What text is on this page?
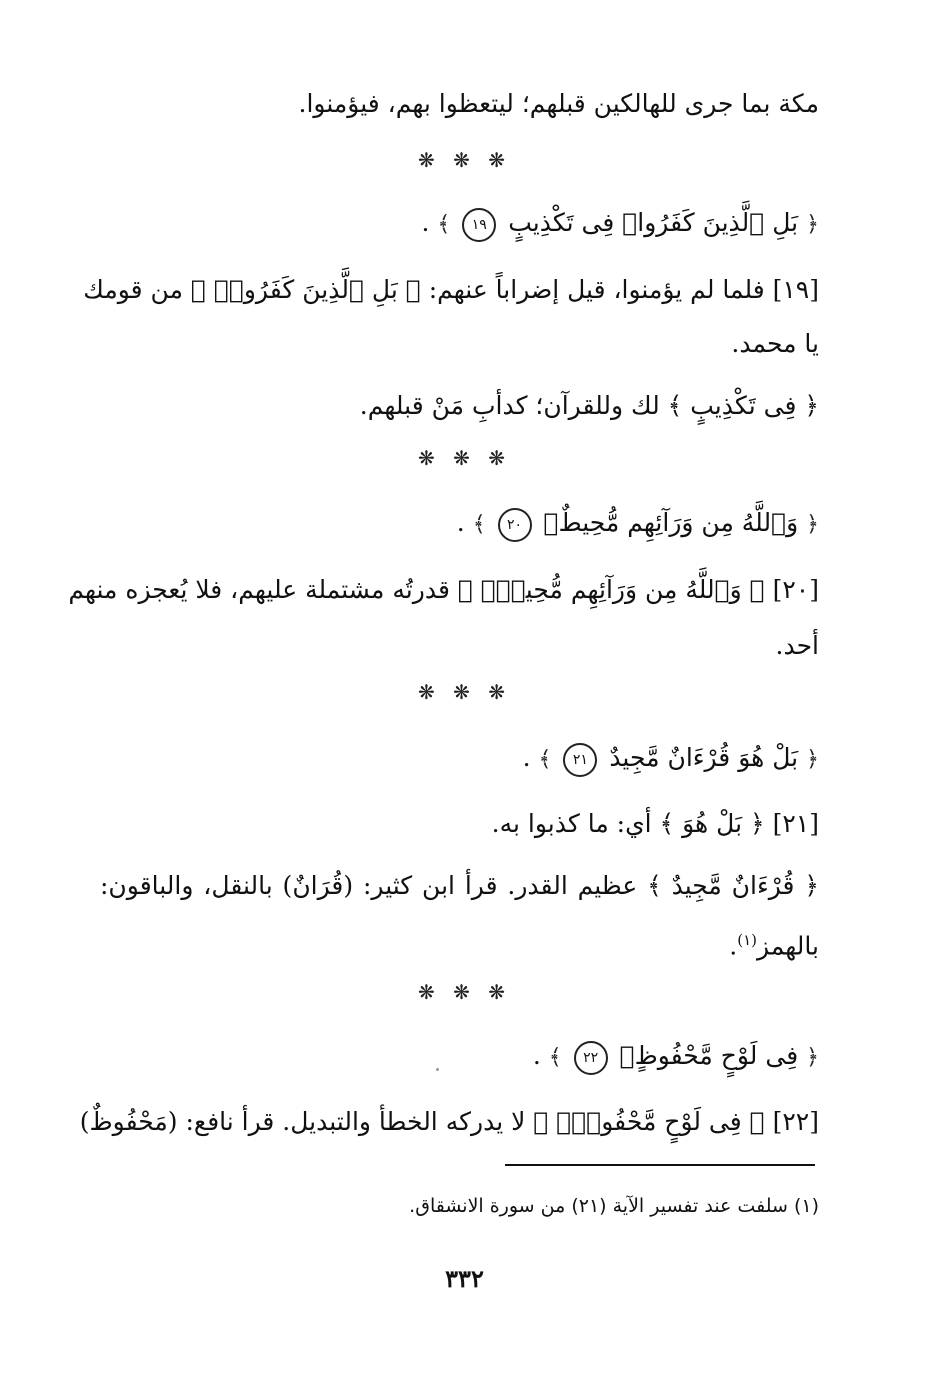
مكة بما جرى للهالكين قبلهم؛ ليتعظوا بهم، فيؤمنوا.
❋ ❋ ❋
﴿ بَلِ ٱلَّذِينَ كَفَرُوا۟ فِى تَكْذِيبٍ ١٩ ﴾ .
[١٩] فلما لم يؤمنوا، قيل إضراباً عنهم: ﴿ بَلِ ٱلَّذِينَ كَفَرُوا۟ ﴾ من قومك
يا محمد.
﴿ فِى تَكْذِيبٍ ﴾ لك وللقرآن؛ كدأبِ مَنْ قبلهم.
❋ ❋ ❋
﴿ وَٱللَّهُ مِن وَرَآئِهِم مُّحِيطٌۢ ٢٠ ﴾ .
[٢٠] ﴿ وَٱللَّهُ مِن وَرَآئِهِم مُّحِيطٌۢ ﴾ قدرتُه مشتملة عليهم، فلا يُعجزه منهم
أحد.
❋ ❋ ❋
﴿ بَلْ هُوَ قُرْءَانٌ مَّجِيدٌ ٢١ ﴾ .
[٢١] ﴿ بَلْ هُوَ ﴾ أي: ما كذبوا به.
﴿ قُرْءَانٌ مَّجِيدٌ ﴾ عظيم القدر. قرأ ابن كثير: (قُرَانٌ) بالنقل، والباقون:
بالهمز$^{(١)}$.
❋ ❋ ❋
﴿ فِى لَوْحٍ مَّحْفُوظٍۭ ٢٢ ﴾ .
[٢٢] ﴿ فِى لَوْحٍ مَّحْفُوظٍۭ ﴾ لا يدركه الخطأ والتبديل. قرأ نافع: (مَحْفُوظٌ)
(١) سلفت عند تفسير الآية (٢١) من سورة الانشقاق.
٣٣٢
